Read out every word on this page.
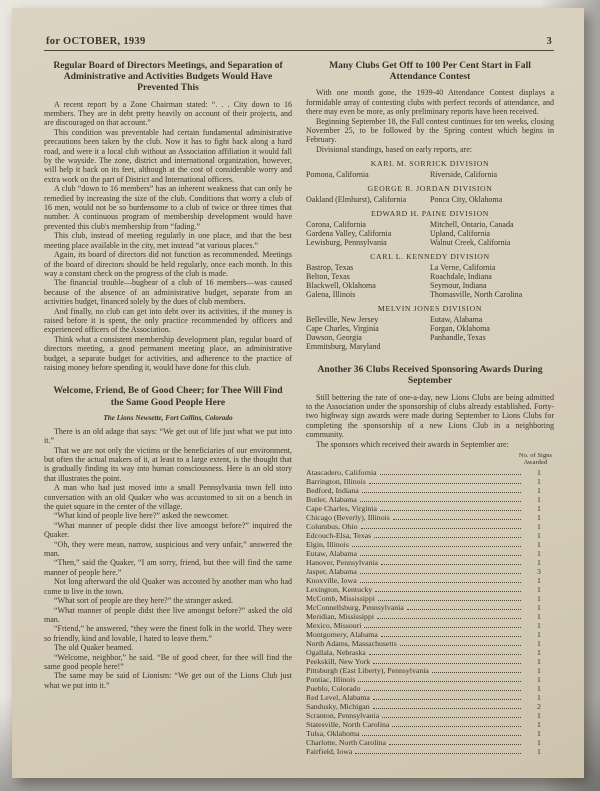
for OCTOBER, 1939	3
Regular Board of Directors Meetings, and Separation of Administrative and Activities Budgets Would Have Prevented This

A recent report by a Zone Chairman stated: “. . . City down to 16 members. They are in debt pretty heavily on account of their projects, and are discouraged on that account.”

This condition was preventable had certain fundamental administrative precautions been taken by the club. Now it has to fight back along a hard road, and were it a local club without an Association affiliation it would fall by the wayside. The zone, district and international organization, however, will help it back on its feet, although at the cost of considerable worry and extra work on the part of District and International officers.

A club “down to 16 members” has an inherent weakness that can only be remedied by increasing the size of the club. Conditions that worry a club of 16 men, would not be so burdensome to a club of twice or three times that number. A continuous program of membership development would have prevented this club's membership from “fading.”

This club, instead of meeting regularly in one place, and that the best meeting place available in the city, met instead “at various places.”

Again, its board of directors did not function as recommended. Meetings of the board of directors should be held regularly, once each month. In this way a constant check on the progress of the club is made.

The financial trouble—bugbear of a club of 16 members—was caused because of the absence of an administrative budget, separate from an activities budget, financed solely by the dues of club members.

And finally, no club can get into debt over its activities, if the money is raised before it is spent, the only practice recommended by officers and experienced officers of the Association.

Think what a consistent membership development plan, regular board of directors meeting, a good permanent meeting place, an administrative budget, a separate budget for activities, and adherence to the practice of raising money before spending it, would have done for this club.

Welcome, Friend, Be of Good Cheer; for Thee Will Find the Same Good People Here
The Lions Newsette, Fort Collins, Colorado

There is an old adage that says: “We get out of life just what we put into it.”

That we are not only the victims or the beneficiaries of our environment, but often the actual makers of it, at least to a large extent, is the thought that is gradually finding its way into human consciousness. Here is an old story that illustrates the point.

A man who had just moved into a small Pennsylvania town fell into conversation with an old Quaker who was accustomed to sit on a bench in the quiet square in the center of the village.

“What kind of people live here?” asked the newcomer.

“What manner of people didst thee live amongst before?” inquired the Quaker.

“Oh, they were mean, narrow, suspicious and very unfair,” answered the man.

“Then,” said the Quaker, “I am sorry, friend, but thee will find the same manner of people here.”

Not long afterward the old Quaker was accosted by another man who had come to live in the town.

“What sort of people are they here?” the stranger asked.

“What manner of people didst thee live amongst before?” asked the old man.

“Friend,” he answered, “they were the finest folk in the world. They were so friendly, kind and lovable, I hated to leave them.”

The old Quaker beamed.

“Welcome, neighbor,” he said. “Be of good cheer, for thee will find the same good people here!”

The same may be said of Lionism: “We get out of the Lions Club just what we put into it.”

Many Clubs Get Off to 100 Per Cent Start in Fall Attendance Contest

With one month gone, the 1939-40 Attendance Contest displays a formidable array of contesting clubs with perfect records of attendance, and there may even be more, as only preliminary reports have been received.

Beginning September 18, the Fall contest continues for ten weeks, closing November 25, to be followed by the Spring contest which begins in February.

Divisional standings, based on early reports, are:

KARL M. SORRICK DIVISION
Pomona, California	Riverside, California
GEORGE R. JORDAN DIVISION
Oakland (Elmhurst), California	Ponca City, Oklahoma
EDWARD H. PAINE DIVISION
Corona, California	Mitchell, Ontario, Canada
Gardena Valley, California	Upland, California
Lewisburg, Pennsylvania	Walnut Creek, California
CARL L. KENNEDY DIVISION
Bastrop, Texas	La Verne, California
Belton, Texas	Roachdale, Indiana
Blackwell, Oklahoma	Seymour, Indiana
Galena, Illinois	Thomasville, North Carolina
MELVIN JONES DIVISION
Belleville, New Jersey	Eutaw, Alabama
Cape Charles, Virginia	Forgan, Oklahoma
Dawson, Georgia	Panhandle, Texas
Emmitsburg, Maryland
Another 36 Clubs Received Sponsoring Awards During September

Still bettering the rate of one-a-day, new Lions Clubs are being admitted to the Association under the sponsorship of clubs already established. Forty-two highway sign awards were made during September to Lions Clubs for completing the sponsorship of a new Lions Club in a neighboring community.

The sponsors which received their awards in September are:

No. of Signs
Awarded
Atascadero, California	1
Barrington, Illinois	1
Bedford, Indiana	1
Butler, Alabama	1
Cape Charles, Virginia	1
Chicago (Beverly), Illinois	1
Columbus, Ohio	1
Edcouch-Elsa, Texas	1
Elgin, Illinois	1
Eutaw, Alabama	1
Hanover, Pennsylvania	1
Jasper, Alabama	3
Knoxville, Iowa	1
Lexington, Kentucky	1
McComb, Mississippi	1
McConnellsburg, Pennsylvania	1
Meridian, Mississippi	1
Mexico, Missouri	1
Montgomery, Alabama	1
North Adams, Massachusetts	1
Ogallala, Nebraska	1
Peekskill, New York	1
Pittsburgh (East Liberty), Pennsylvania	1
Pontiac, Illinois	1
Pueblo, Colorado	1
Red Level, Alabama	1
Sandusky, Michigan	2
Scranton, Pennsylvania	1
Statesville, North Carolina	1
Tulsa, Oklahoma	1
Charlotte, North Carolina	1
Fairfield, Iowa	1
